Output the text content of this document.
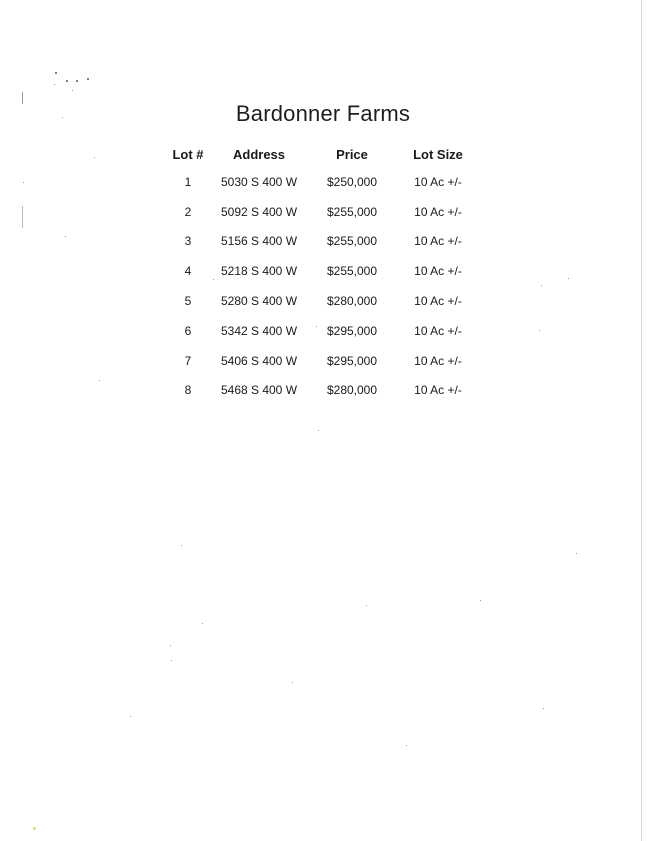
Bardonner Farms
Lot #	Address	Price	Lot Size
1	5030 S 400 W	$250,000	10 Ac +/-
2	5092 S 400 W	$255,000	10 Ac +/-
3	5156 S 400 W	$255,000	10 Ac +/-
4	5218 S 400 W	$255,000	10 Ac +/-
5	5280 S 400 W	$280,000	10 Ac +/-
6	5342 S 400 W	$295,000	10 Ac +/-
7	5406 S 400 W	$295,000	10 Ac +/-
8	5468 S 400 W	$280,000	10 Ac +/-
